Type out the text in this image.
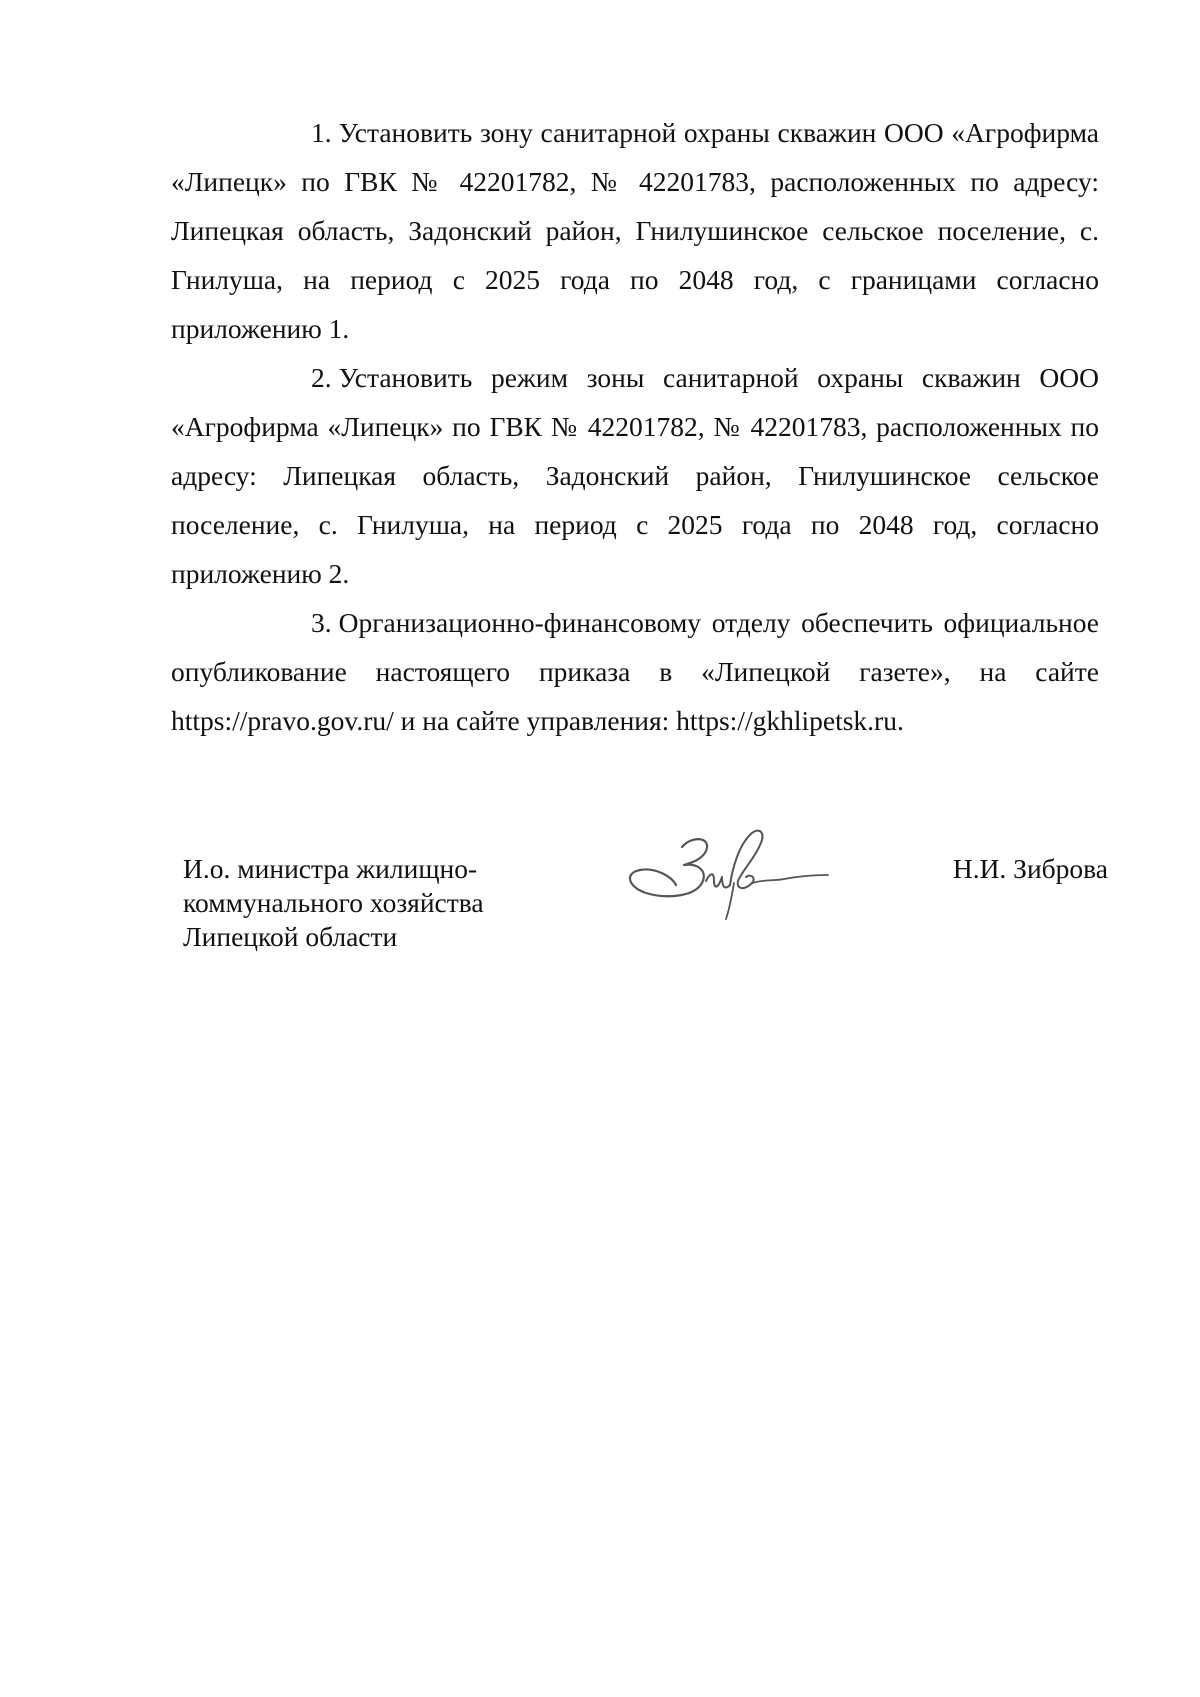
1. Установить зону санитарной охраны скважин ООО «Агрофирма «Липецк» по ГВК № 42201782, № 42201783, расположенных по адресу: Липецкая область, Задонский район, Гнилушинское сельское поселение, с. Гнилуша, на период с 2025 года по 2048 год, с границами согласно приложению 1.

2. Установить режим зоны санитарной охраны скважин ООО «Агрофирма «Липецк» по ГВК № 42201782, № 42201783, расположенных по адресу: Липецкая область, Задонский район, Гнилушинское сельское поселение, с. Гнилуша, на период с 2025 года по 2048 год, согласно приложению 2.

3. Организационно-финансовому отделу обеспечить официальное опубликование настоящего приказа в «Липецкой газете», на сайте https://pravo.gov.ru/ и на сайте управления: https://gkhlipetsk.ru.

И.о. министра жилищно-
коммунального хозяйства
Липецкой области
Н.И. Зиброва
